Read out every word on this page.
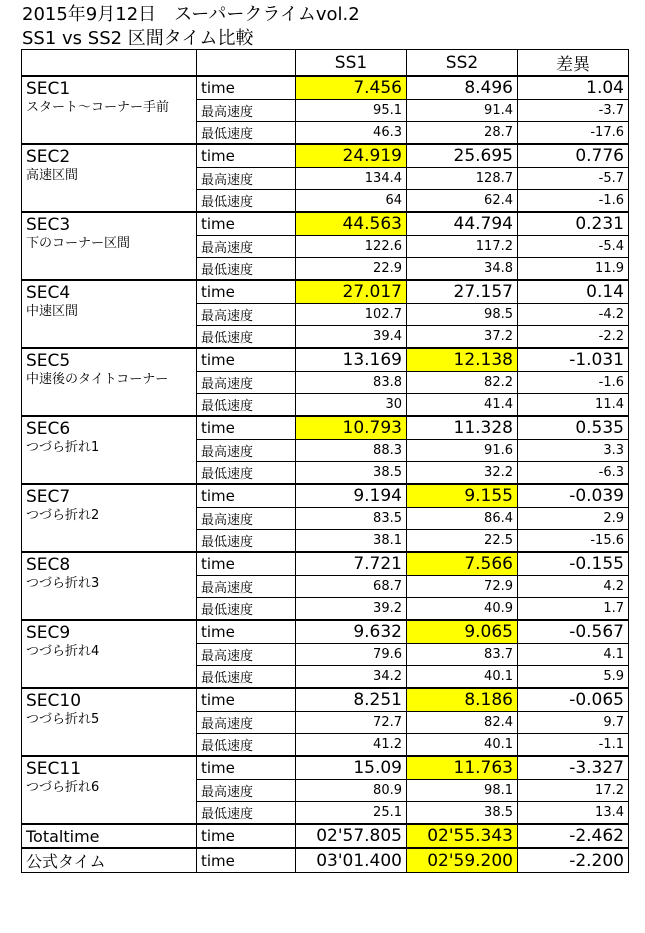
2015年9月12日　スーパークライムvol.2
SS1 vs SS2 区間タイム比較
		SS1	SS2	差異

SEC1
スタート〜コーナー手前	time	7.456	8.496	1.04
	最高速度	95.1	91.4	-3.7
	最低速度	46.3	28.7	-17.6

SEC2
高速区間	time	24.919	25.695	0.776
	最高速度	134.4	128.7	-5.7
	最低速度	64	62.4	-1.6

SEC3
下のコーナー区間	time	44.563	44.794	0.231
	最高速度	122.6	117.2	-5.4
	最低速度	22.9	34.8	11.9

SEC4
中速区間	time	27.017	27.157	0.14
	最高速度	102.7	98.5	-4.2
	最低速度	39.4	37.2	-2.2

SEC5
中速後のタイトコーナー	time	13.169	12.138	-1.031
	最高速度	83.8	82.2	-1.6
	最低速度	30	41.4	11.4

SEC6
つづら折れ1	time	10.793	11.328	0.535
	最高速度	88.3	91.6	3.3
	最低速度	38.5	32.2	-6.3

SEC7
つづら折れ2	time	9.194	9.155	-0.039
	最高速度	83.5	86.4	2.9
	最低速度	38.1	22.5	-15.6

SEC8
つづら折れ3	time	7.721	7.566	-0.155
	最高速度	68.7	72.9	4.2
	最低速度	39.2	40.9	1.7

SEC9
つづら折れ4	time	9.632	9.065	-0.567
	最高速度	79.6	83.7	4.1
	最低速度	34.2	40.1	5.9

SEC10
つづら折れ5	time	8.251	8.186	-0.065
	最高速度	72.7	82.4	9.7
	最低速度	41.2	40.1	-1.1

SEC11
つづら折れ6	time	15.09	11.763	-3.327
	最高速度	80.9	98.1	17.2
	最低速度	25.1	38.5	13.4
Totaltime	time	02'57.805	02'55.343	-2.462
公式タイム	time	03'01.400	02'59.200	-2.200
